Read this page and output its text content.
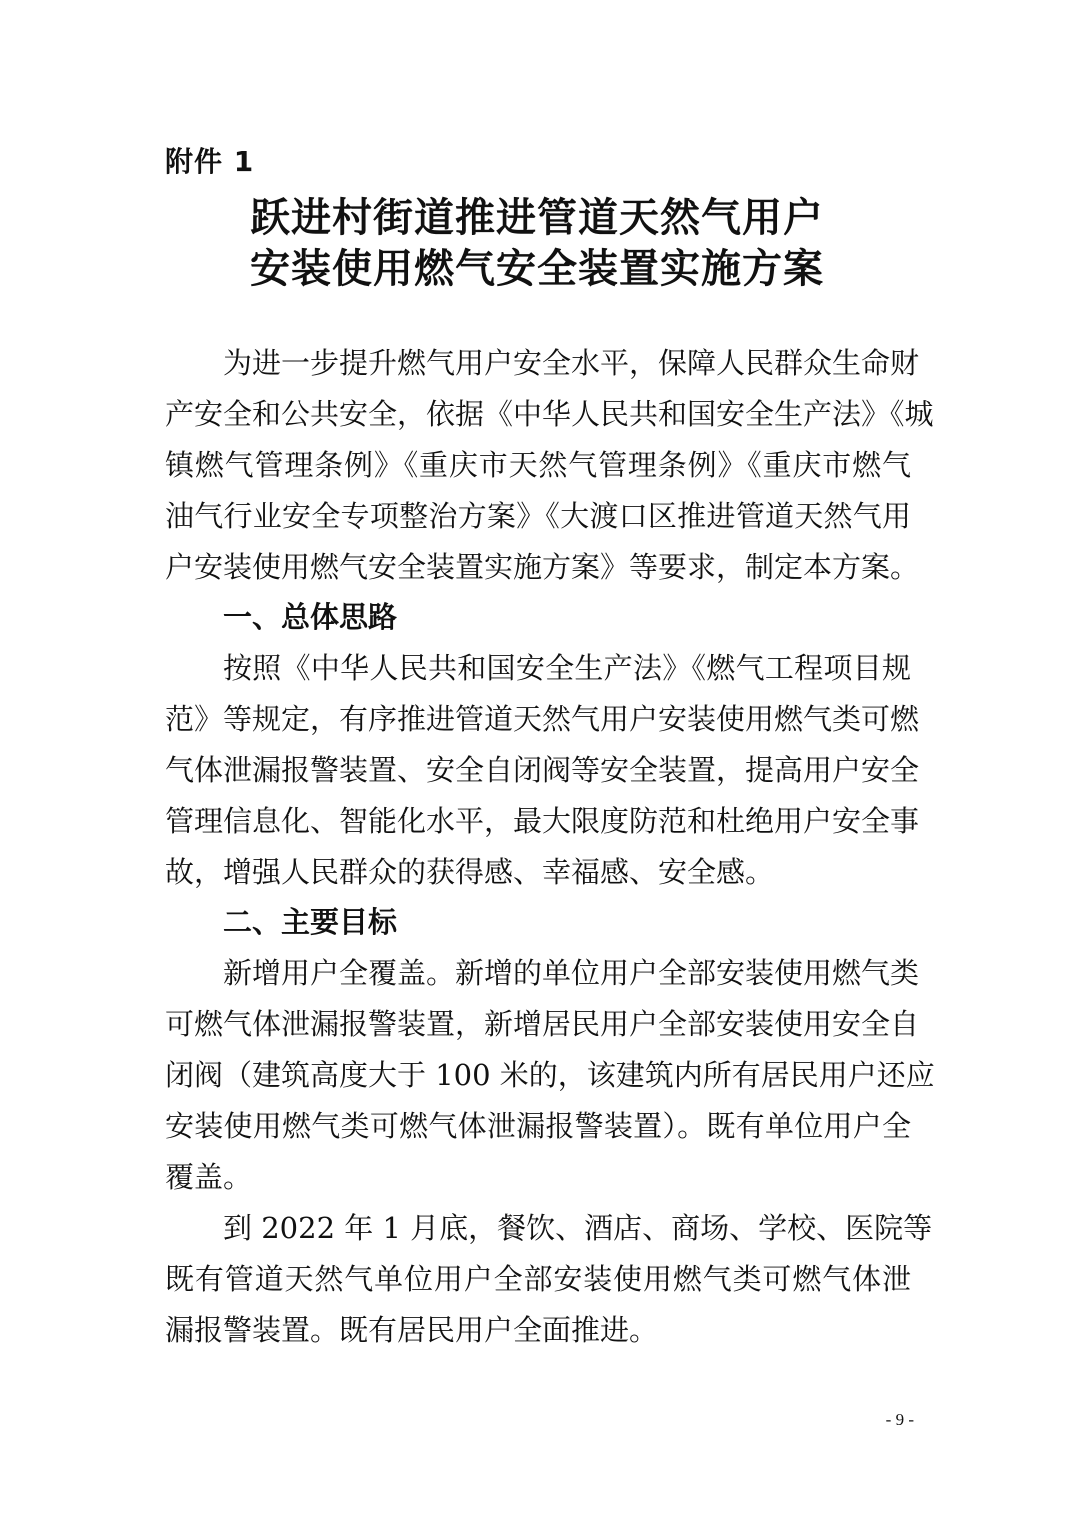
附件 1
跃进村街道推进管道天然气用户
安装使用燃气安全装置实施方案
为进一步提升燃气用户安全水平，保障人民群众生命财
产安全和公共安全，依据《中华人民共和国安全生产法》《城
镇燃气管理条例》《重庆市天然气管理条例》《重庆市燃气
油气行业安全专项整治方案》《大渡口区推进管道天然气用
户安装使用燃气安全装置实施方案》等要求，制定本方案。
一、总体思路
按照《中华人民共和国安全生产法》《燃气工程项目规
范》等规定，有序推进管道天然气用户安装使用燃气类可燃
气体泄漏报警装置、安全自闭阀等安全装置，提高用户安全
管理信息化、智能化水平，最大限度防范和杜绝用户安全事
故，增强人民群众的获得感、幸福感、安全感。
二、主要目标
新增用户全覆盖。新增的单位用户全部安装使用燃气类
可燃气体泄漏报警装置，新增居民用户全部安装使用安全自
闭阀（建筑高度大于 100 米的，该建筑内所有居民用户还应
安装使用燃气类可燃气体泄漏报警装置）。既有单位用户全
覆盖。
到 2022 年 1 月底，餐饮、酒店、商场、学校、医院等
既有管道天然气单位用户全部安装使用燃气类可燃气体泄
漏报警装置。既有居民用户全面推进。
- 9 -
